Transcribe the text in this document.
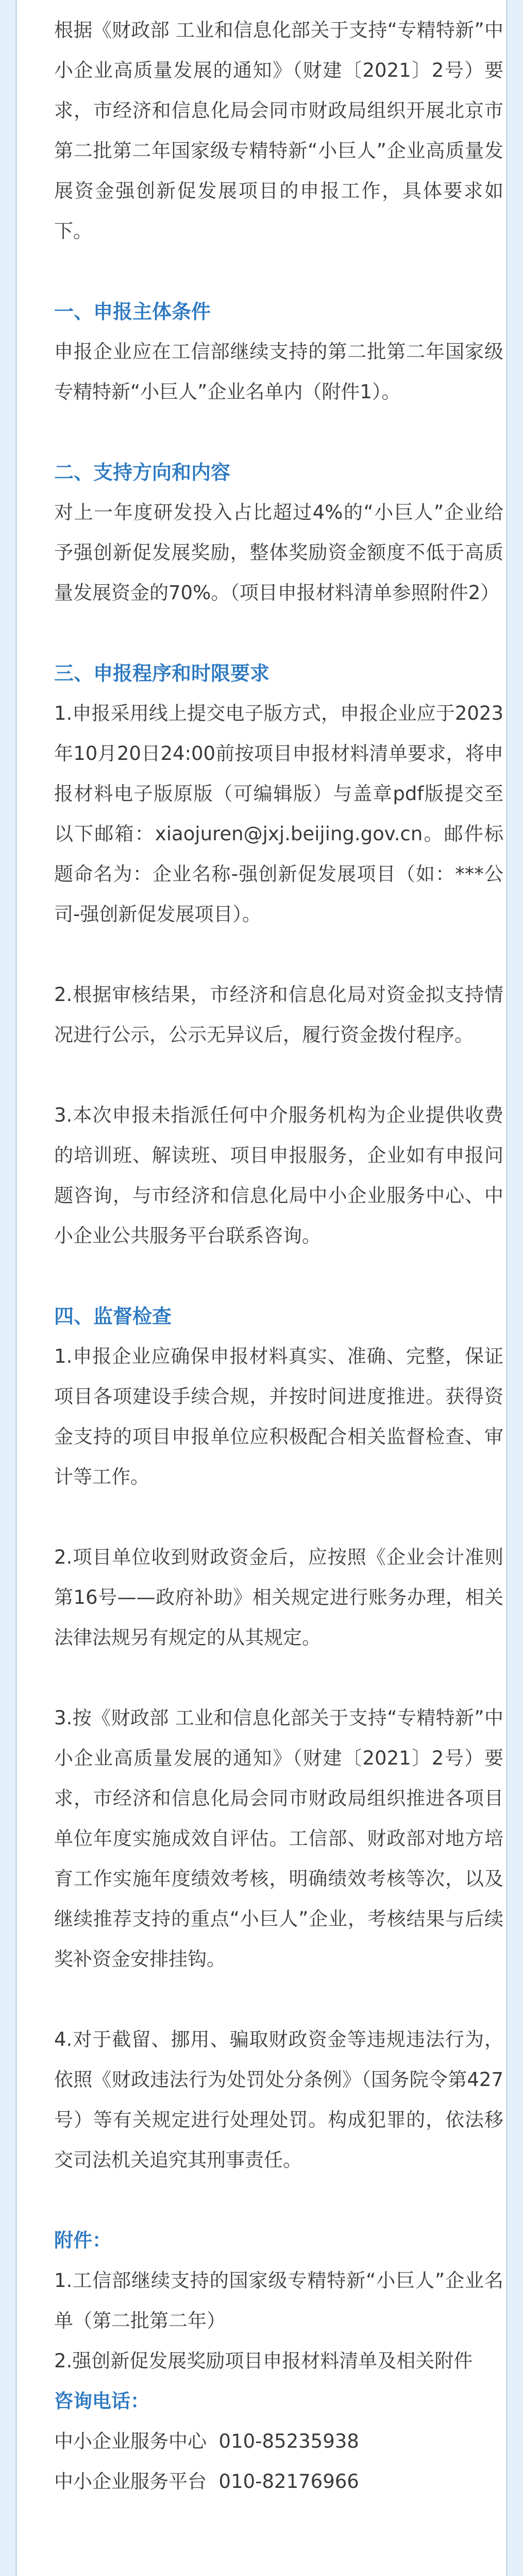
根据《财政部 工业和信息化部关于支持“专精特新”中小企业高质量发展的通知》（财建〔2021〕2号）要求，市经济和信息化局会同市财政局组织开展北京市第二批第二年国家级专精特新“小巨人”企业高质量发展资金强创新促发展项目的申报工作，具体要求如下。

一、申报主体条件

申报企业应在工信部继续支持的第二批第二年国家级专精特新“小巨人”企业名单内（附件1）。

二、支持方向和内容

对上一年度研发投入占比超过4%的“小巨人”企业给予强创新促发展奖励，整体奖励资金额度不低于高质量发展资金的70%。（项目申报材料清单参照附件2）

三、申报程序和时限要求

1.申报采用线上提交电子版方式，申报企业应于2023年10月20日24:00前按项目申报材料清单要求，将申报材料电子版原版（可编辑版）与盖章pdf版提交至以下邮箱：xiaojuren@jxj.beijing.gov.cn。邮件标题命名为：企业名称-强创新促发展项目（如：***公司-强创新促发展项目）。

2.根据审核结果，市经济和信息化局对资金拟支持情况进行公示，公示无异议后，履行资金拨付程序。

3.本次申报未指派任何中介服务机构为企业提供收费的培训班、解读班、项目申报服务，企业如有申报问题咨询，与市经济和信息化局中小企业服务中心、中小企业公共服务平台联系咨询。

四、监督检查

1.申报企业应确保申报材料真实、准确、完整，保证项目各项建设手续合规，并按时间进度推进。获得资金支持的项目申报单位应积极配合相关监督检查、审计等工作。

2.项目单位收到财政资金后，应按照《企业会计准则第16号——政府补助》相关规定进行账务办理，相关法律法规另有规定的从其规定。

3.按《财政部 工业和信息化部关于支持“专精特新”中小企业高质量发展的通知》（财建〔2021〕2号）要求，市经济和信息化局会同市财政局组织推进各项目单位年度实施成效自评估。工信部、财政部对地方培育工作实施年度绩效考核，明确绩效考核等次，以及继续推荐支持的重点“小巨人”企业，考核结果与后续奖补资金安排挂钩。

4.对于截留、挪用、骗取财政资金等违规违法行为，依照《财政违法行为处罚处分条例》（国务院令第427号）等有关规定进行处理处罚。构成犯罪的，依法移交司法机关追究其刑事责任。

附件：

1.工信部继续支持的国家级专精特新“小巨人”企业名单（第二批第二年）

2.强创新促发展奖励项目申报材料清单及相关附件

咨询电话：

中小企业服务中心  010-85235938

中小企业服务平台  010-82176966
